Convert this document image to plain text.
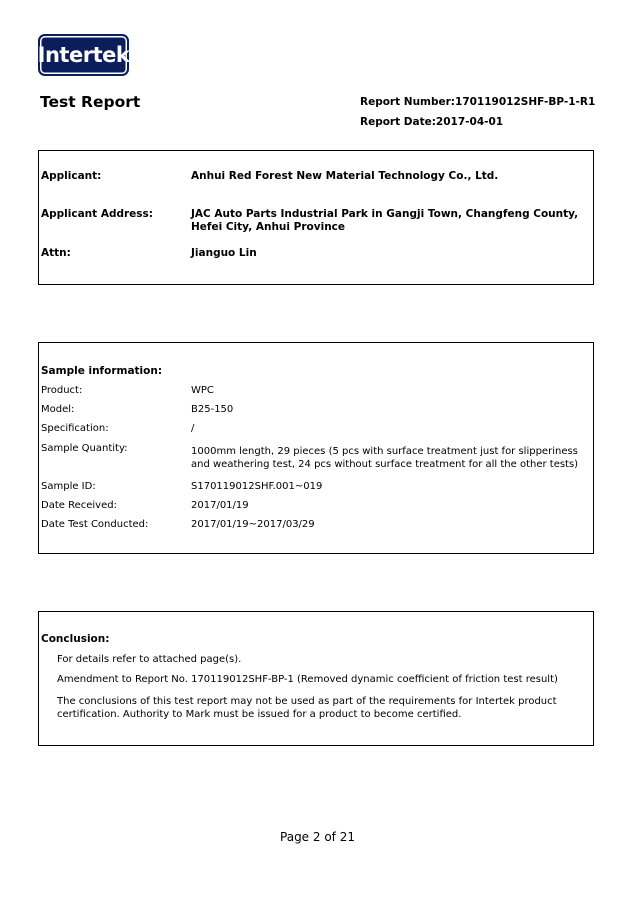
Intertek
Test Report	Report Number:170119012SHF-BP-1-R1
Report Date:2017-04-01
Applicant:	Anhui Red Forest New Material Technology Co., Ltd.
Applicant Address:	JAC Auto Parts Industrial Park in Gangji Town, Changfeng County, Hefei City, Anhui Province
Attn:	Jianguo Lin
Sample information:
Product:	WPC
Model:	B25-150
Specification:	/
Sample Quantity:	1000mm length, 29 pieces (5 pcs with surface treatment just for slipperiness and weathering test, 24 pcs without surface treatment for all the other tests)
Sample ID:	S170119012SHF.001~019
Date Received:	2017/01/19
Date Test Conducted:	2017/01/19~2017/03/29
Conclusion:
For details refer to attached page(s).
Amendment to Report No. 170119012SHF-BP-1 (Removed dynamic coefficient of friction test result)
The conclusions of this test report may not be used as part of the requirements for Intertek product certification. Authority to Mark must be issued for a product to become certified.
Page 2 of 21
